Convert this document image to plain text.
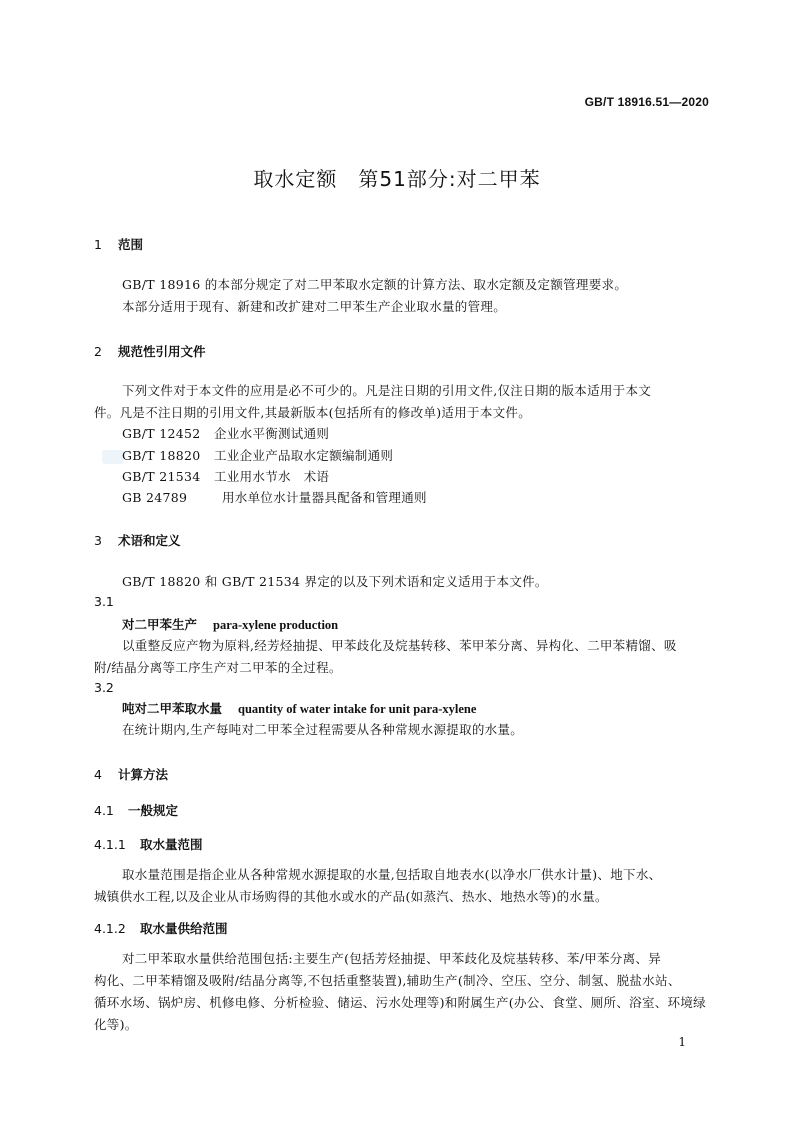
GB/T 18916.51—2020
取水定额　第51部分:对二甲苯
1 范围
GB/T 18916 的本部分规定了对二甲苯取水定额的计算方法、取水定额及定额管理要求。
本部分适用于现有、新建和改扩建对二甲苯生产企业取水量的管理。
2 规范性引用文件
下列文件对于本文件的应用是必不可少的。凡是注日期的引用文件,仅注日期的版本适用于本文
件。凡是不注日期的引用文件,其最新版本(包括所有的修改单)适用于本文件。
GB/T 12452 企业水平衡测试通则
GB/T 18820 工业企业产品取水定额编制通则
GB/T 21534 工业用水节水　术语
GB 24789	用水单位水计量器具配备和管理通则
3 术语和定义
GB/T 18820 和 GB/T 21534 界定的以及下列术语和定义适用于本文件。
3.1
对二甲苯生产 para-xylene production
以重整反应产物为原料,经芳烃抽提、甲苯歧化及烷基转移、苯甲苯分离、异构化、二甲苯精馏、吸
附/结晶分离等工序生产对二甲苯的全过程。
3.2
吨对二甲苯取水量 quantity of water intake for unit para-xylene
在统计期内,生产每吨对二甲苯全过程需要从各种常规水源提取的水量。
4 计算方法
4.1 一般规定
4.1.1 取水量范围
取水量范围是指企业从各种常规水源提取的水量,包括取自地表水(以净水厂供水计量)、地下水、
城镇供水工程,以及企业从市场购得的其他水或水的产品(如蒸汽、热水、地热水等)的水量。
4.1.2 取水量供给范围
对二甲苯取水量供给范围包括:主要生产(包括芳烃抽提、甲苯歧化及烷基转移、苯/甲苯分离、异
构化、二甲苯精馏及吸附/结晶分离等,不包括重整装置),辅助生产(制冷、空压、空分、制氢、脱盐水站、
循环水场、锅炉房、机修电修、分析检验、储运、污水处理等)和附属生产(办公、食堂、厕所、浴室、环境绿
化等)。
1
